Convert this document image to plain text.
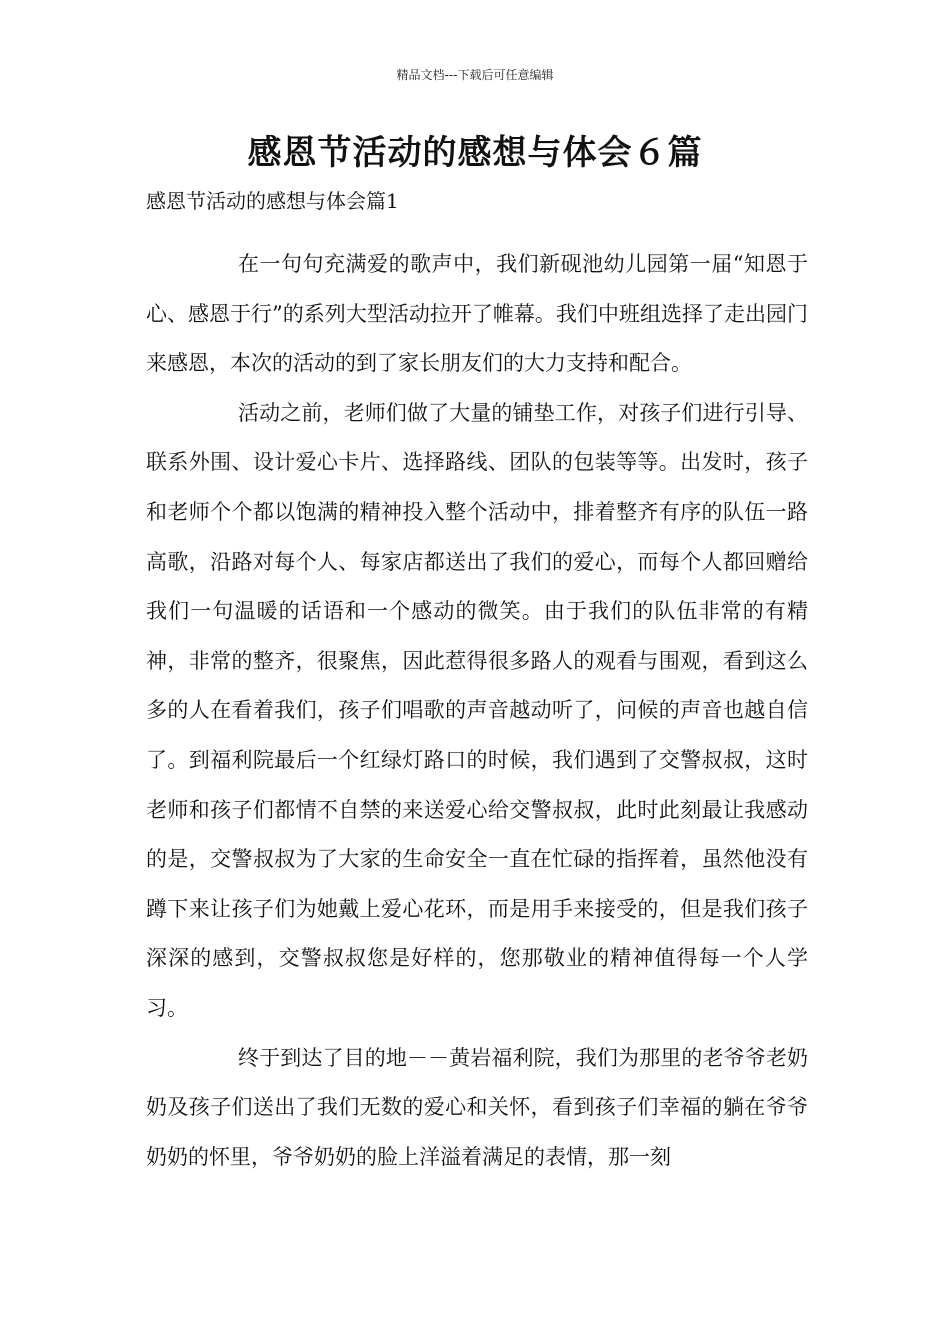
精品文档---下载后可任意编辑
感恩节活动的感想与体会６篇

感恩节活动的感想与体会篇1

在一句句充满爱的歌声中，我们新砚池幼儿园第一届“知恩于心、感恩于行”的系列大型活动拉开了帷幕。我们中班组选择了走出园门来感恩，本次的活动的到了家长朋友们的大力支持和配合。

活动之前，老师们做了大量的铺垫工作，对孩子们进行引导、联系外围、设计爱心卡片、选择路线、团队的包装等等。出发时，孩子和老师个个都以饱满的精神投入整个活动中，排着整齐有序的队伍一路高歌，沿路对每个人、每家店都送出了我们的爱心，而每个人都回赠给我们一句温暖的话语和一个感动的微笑。由于我们的队伍非常的有精神，非常的整齐，很聚焦，因此惹得很多路人的观看与围观，看到这么多的人在看着我们，孩子们唱歌的声音越动听了，问候的声音也越自信了。到福利院最后一个红绿灯路口的时候，我们遇到了交警叔叔，这时老师和孩子们都情不自禁的来送爱心给交警叔叔，此时此刻最让我感动的是，交警叔叔为了大家的生命安全一直在忙碌的指挥着，虽然他没有蹲下来让孩子们为她戴上爱心花环，而是用手来接受的，但是我们孩子深深的感到，交警叔叔您是好样的，您那敬业的精神值得每一个人学习。

终于到达了目的地－－黄岩福利院，我们为那里的老爷爷老奶奶及孩子们送出了我们无数的爱心和关怀，看到孩子们幸福的躺在爷爷奶奶的怀里，爷爷奶奶的脸上洋溢着满足的表情，那一刻
